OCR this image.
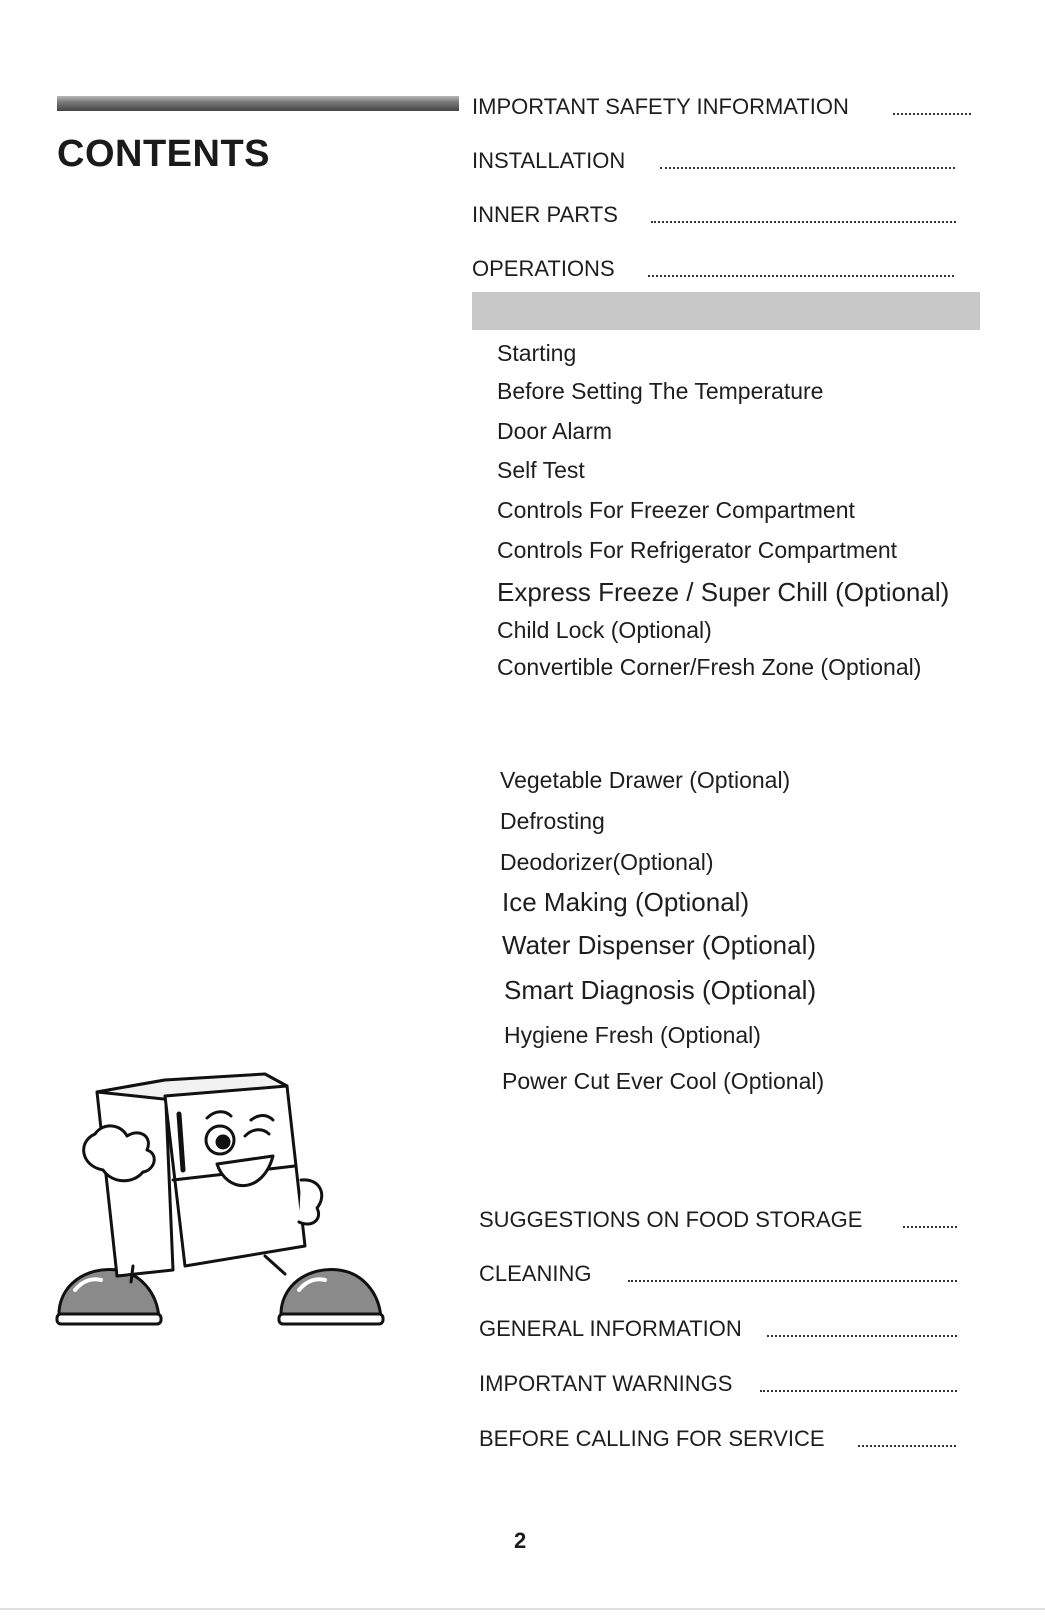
CONTENTS
IMPORTANT SAFETY INFORMATION
INSTALLATION
INNER PARTS
OPERATIONS
Starting
Before Setting The Temperature
Door Alarm
Self Test
Controls For Freezer Compartment
Controls For Refrigerator Compartment
Express Freeze / Super Chill (Optional)
Child Lock (Optional)
Convertible Corner/Fresh Zone (Optional)
Vegetable Drawer (Optional)
Defrosting
Deodorizer(Optional)
Ice Making (Optional)
Water Dispenser (Optional)
Smart Diagnosis (Optional)
Hygiene Fresh (Optional)
Power Cut Ever Cool (Optional)
SUGGESTIONS ON FOOD STORAGE
CLEANING
GENERAL INFORMATION
IMPORTANT WARNINGS
BEFORE CALLING FOR SERVICE
2
